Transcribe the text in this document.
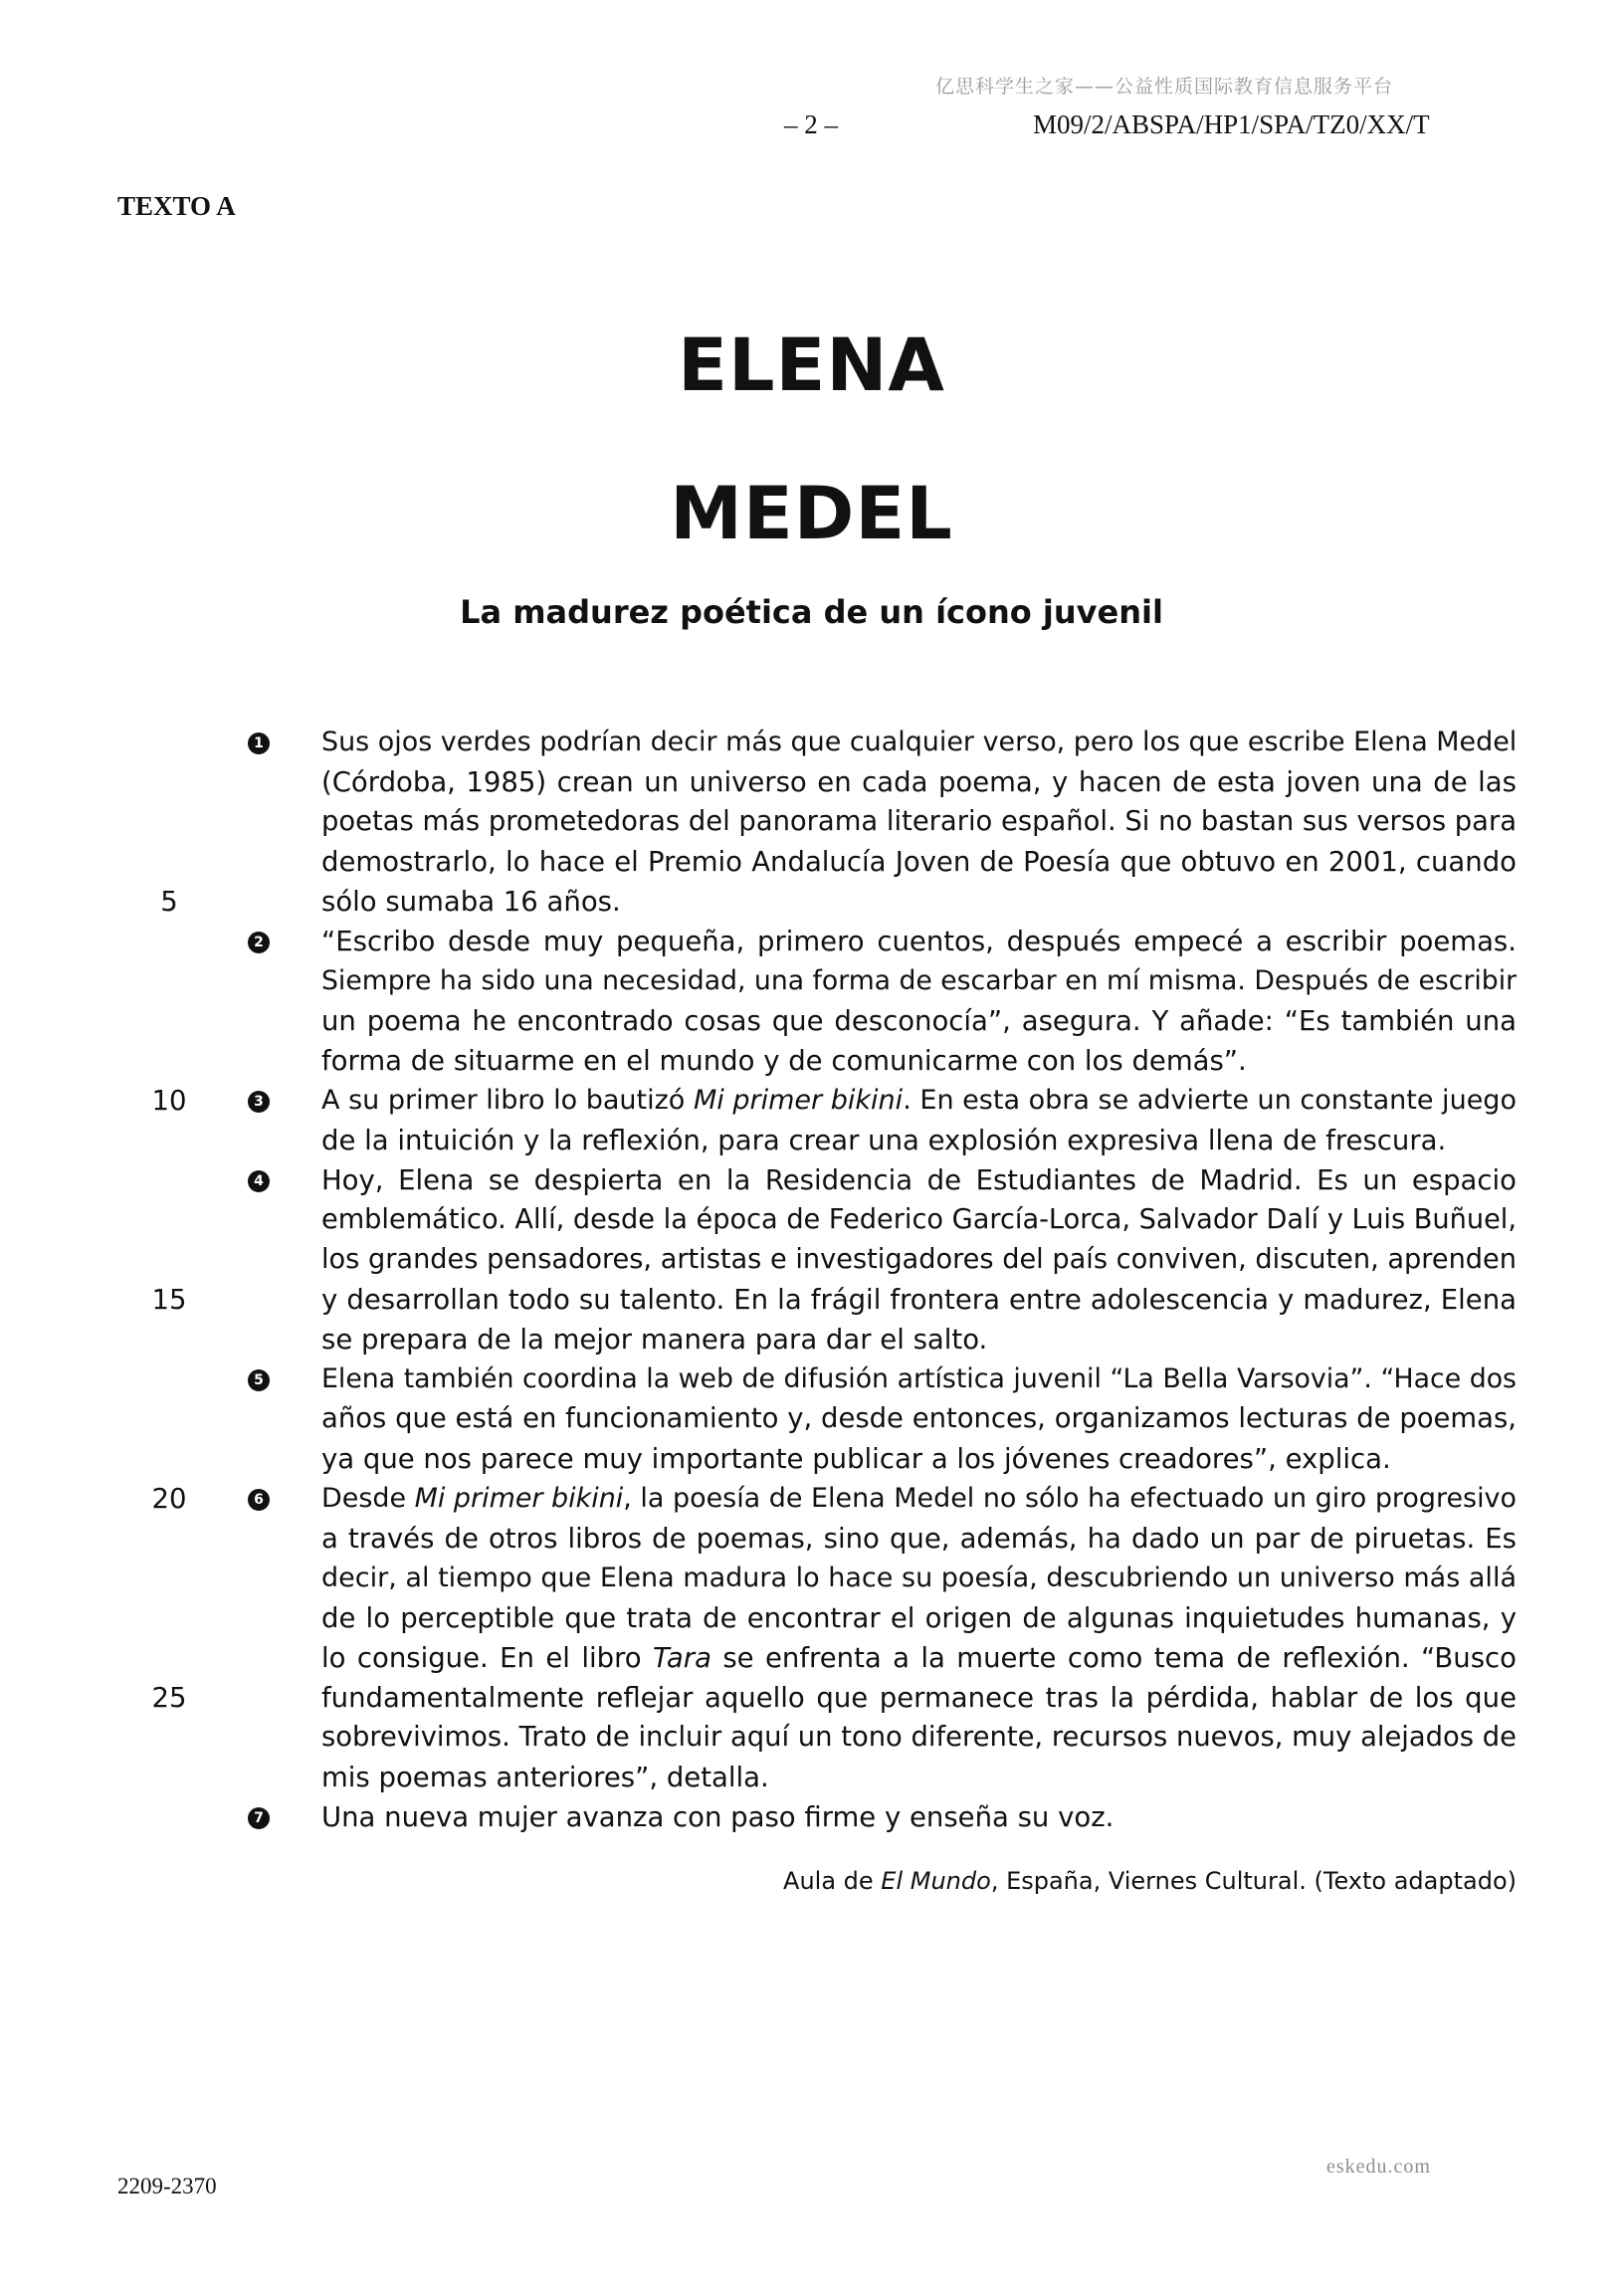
亿思科学生之家——公益性质国际教育信息服务平台
– 2 –	M09/2/ABSPA/HP1/SPA/TZ0/XX/T
TEXTO A
ELENA
MEDEL
La madurez poética de un ícono juvenil
1 Sus ojos verdes podrían decir más que cualquier verso, pero los que escribe Elena Medel
(Córdoba, 1985) crean un universo en cada poema, y hacen de esta joven una de las
poetas más prometedoras del panorama literario español. Si no bastan sus versos para
demostrarlo, lo hace el Premio Andalucía Joven de Poesía que obtuvo en 2001, cuando
5	sólo sumaba 16 años.
2 “Escribo desde muy pequeña, primero cuentos, después empecé a escribir poemas.
Siempre ha sido una necesidad, una forma de escarbar en mí misma. Después de escribir
un poema he encontrado cosas que desconocía”, asegura. Y añade: “Es también una
forma de situarme en el mundo y de comunicarme con los demás”.
10	3 A su primer libro lo bautizó Mi primer bikini. En esta obra se advierte un constante juego
de la intuición y la reflexión, para crear una explosión expresiva llena de frescura.
4 Hoy, Elena se despierta en la Residencia de Estudiantes de Madrid. Es un espacio
emblemático. Allí, desde la época de Federico García-Lorca, Salvador Dalí y Luis Buñuel,
los grandes pensadores, artistas e investigadores del país conviven, discuten, aprenden
15	y desarrollan todo su talento. En la frágil frontera entre adolescencia y madurez, Elena
se prepara de la mejor manera para dar el salto.
5 Elena también coordina la web de difusión artística juvenil “La Bella Varsovia”. “Hace dos
años que está en funcionamiento y, desde entonces, organizamos lecturas de poemas,
ya que nos parece muy importante publicar a los jóvenes creadores”, explica.
20	6 Desde Mi primer bikini, la poesía de Elena Medel no sólo ha efectuado un giro progresivo
a través de otros libros de poemas, sino que, además, ha dado un par de piruetas. Es
decir, al tiempo que Elena madura lo hace su poesía, descubriendo un universo más allá
de lo perceptible que trata de encontrar el origen de algunas inquietudes humanas, y
lo consigue. En el libro Tara se enfrenta a la muerte como tema de reflexión. “Busco
25	fundamentalmente reflejar aquello que permanece tras la pérdida, hablar de los que
sobrevivimos. Trato de incluir aquí un tono diferente, recursos nuevos, muy alejados de
mis poemas anteriores”, detalla.
7 Una nueva mujer avanza con paso firme y enseña su voz.
Aula de El Mundo, España, Viernes Cultural. (Texto adaptado)
eskedu.com
2209-2370
